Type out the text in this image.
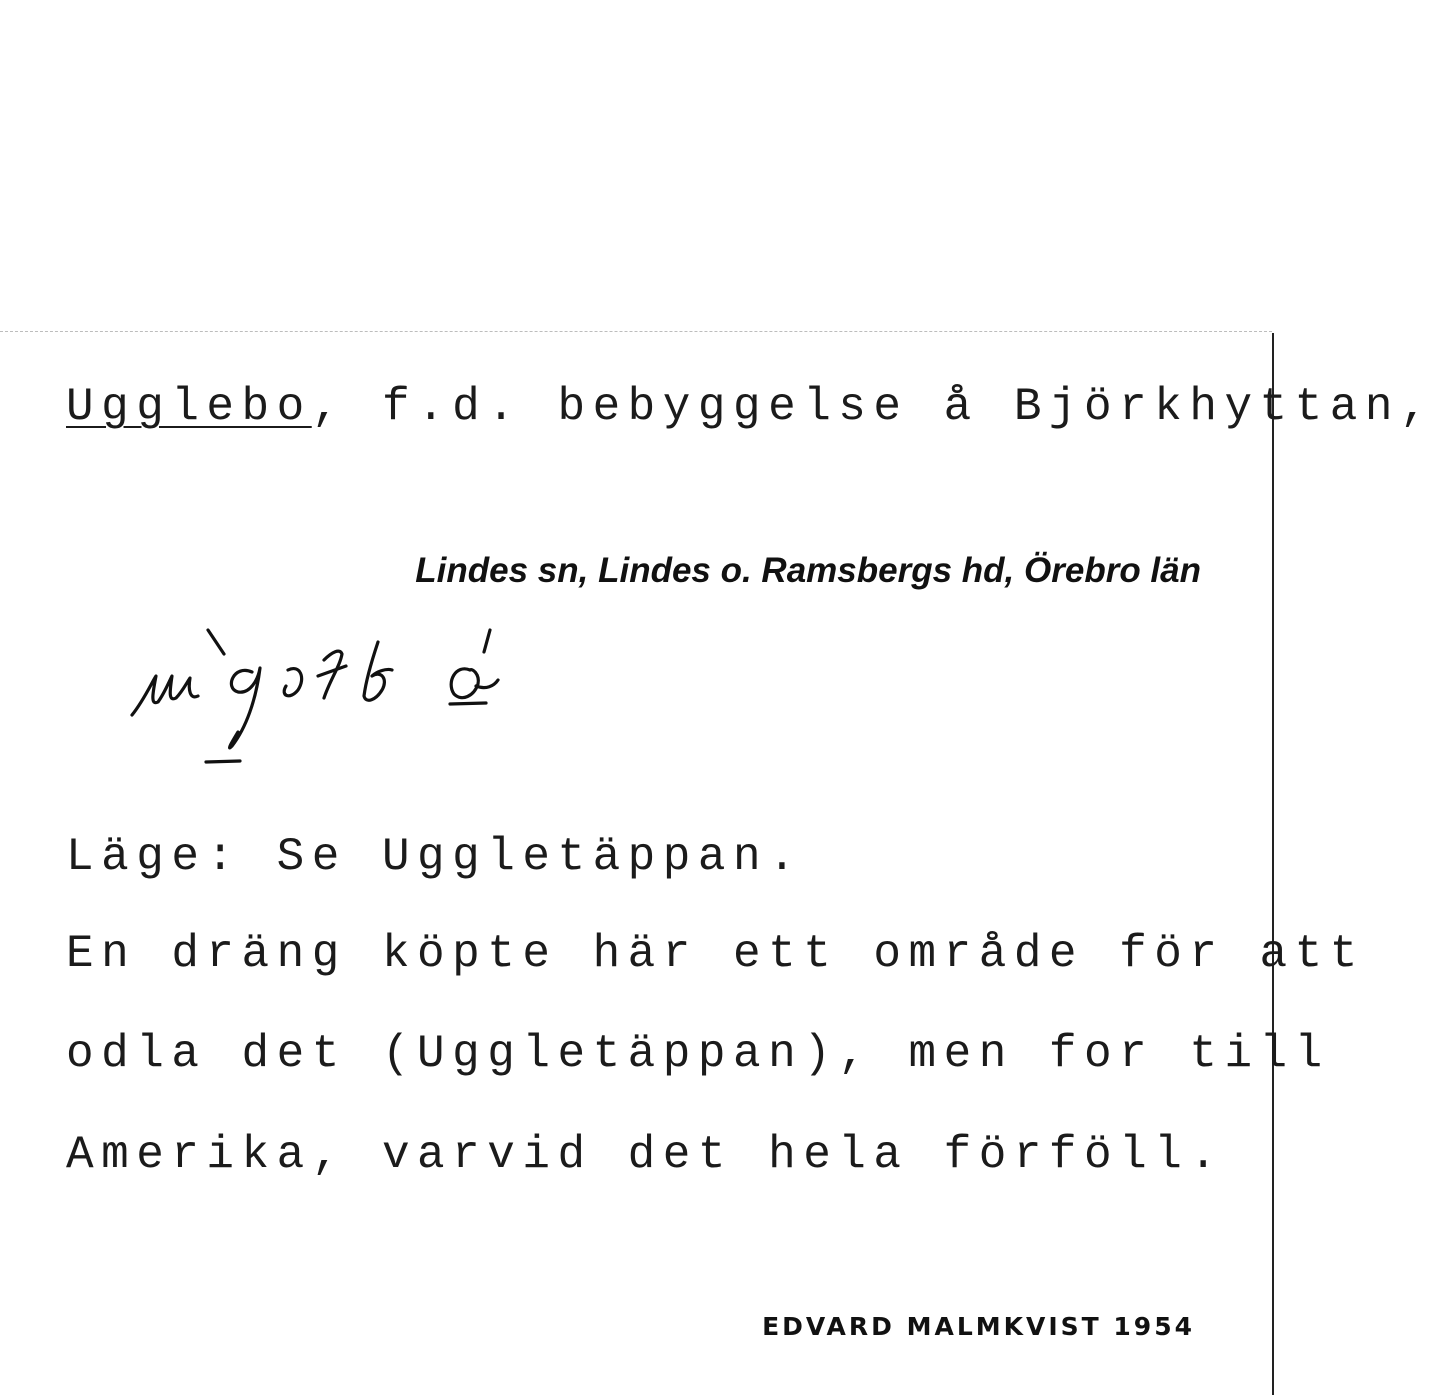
Ugglebo, f.d. bebyggelse å Björkhyttan,
Lindes sn, Lindes o. Ramsbergs hd, Örebro län
Läge: Se Uggletäppan.
En dräng köpte här ett område för att
odla det (Uggletäppan), men for till
Amerika, varvid det hela förföll.
EDVARD MALMKVIST 1954
